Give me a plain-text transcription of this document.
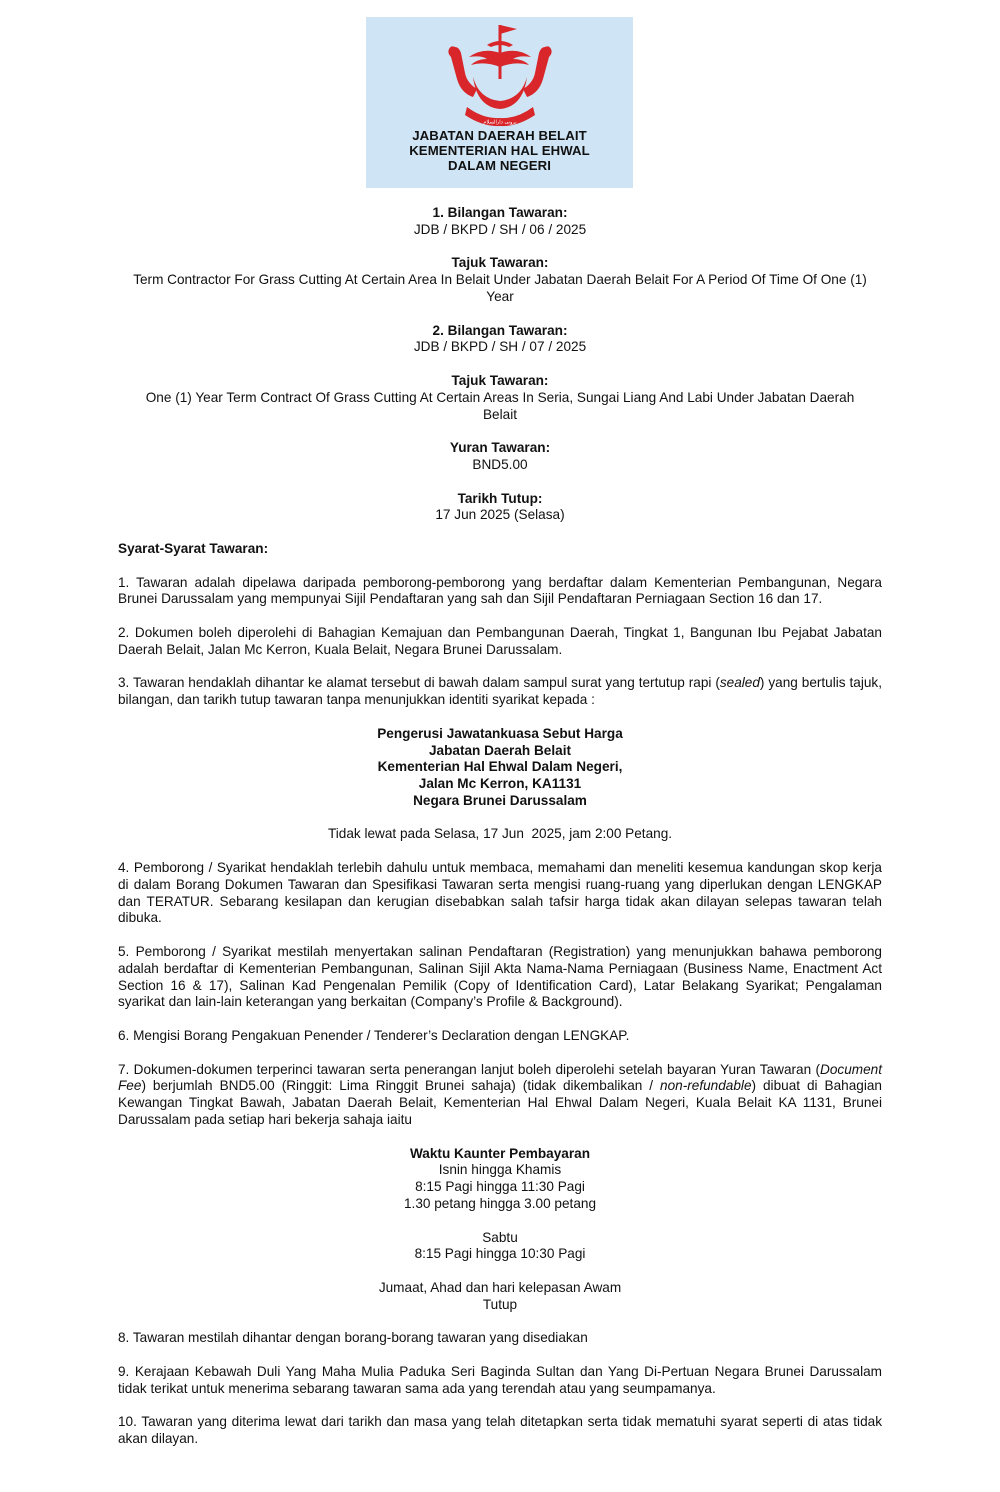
برونى دارالسلام
JABATAN DAERAH BELAIT
KEMENTERIAN HAL EHWAL
DALAM NEGERI
1. Bilangan Tawaran:
JDB / BKPD / SH / 06 / 2025
Tajuk Tawaran:
Term Contractor For Grass Cutting At Certain Area In Belait Under Jabatan Daerah Belait For A Period Of Time Of One (1) Year
2. Bilangan Tawaran:
JDB / BKPD / SH / 07 / 2025
Tajuk Tawaran:
One (1) Year Term Contract Of Grass Cutting At Certain Areas In Seria, Sungai Liang And Labi Under Jabatan Daerah Belait
Yuran Tawaran:
BND5.00
Tarikh Tutup:
17 Jun 2025 (Selasa)
Syarat-Syarat Tawaran:
1. Tawaran adalah dipelawa daripada pemborong-pemborong yang berdaftar dalam Kementerian Pembangunan, Negara Brunei Darussalam yang mempunyai Sijil Pendaftaran yang sah dan Sijil Pendaftaran Perniagaan Section 16 dan 17.
2. Dokumen boleh diperolehi di Bahagian Kemajuan dan Pembangunan Daerah, Tingkat 1, Bangunan Ibu Pejabat Jabatan Daerah Belait, Jalan Mc Kerron, Kuala Belait, Negara Brunei Darussalam.
3. Tawaran hendaklah dihantar ke alamat tersebut di bawah dalam sampul surat yang tertutup rapi (sealed) yang bertulis tajuk, bilangan, dan tarikh tutup tawaran tanpa menunjukkan identiti syarikat kepada :
Pengerusi Jawatankuasa Sebut Harga
Jabatan Daerah Belait
Kementerian Hal Ehwal Dalam Negeri,
Jalan Mc Kerron, KA1131
Negara Brunei Darussalam
Tidak lewat pada Selasa, 17 Jun  2025, jam 2:00 Petang.
4. Pemborong / Syarikat hendaklah terlebih dahulu untuk membaca, memahami dan meneliti kesemua kandungan skop kerja di dalam Borang Dokumen Tawaran dan Spesifikasi Tawaran serta mengisi ruang-ruang yang diperlukan dengan LENGKAP dan TERATUR. Sebarang kesilapan dan kerugian disebabkan salah tafsir harga tidak akan dilayan selepas tawaran telah dibuka.
5. Pemborong / Syarikat mestilah menyertakan salinan Pendaftaran (Registration) yang menunjukkan bahawa pemborong adalah berdaftar di Kementerian Pembangunan, Salinan Sijil Akta Nama-Nama Perniagaan (Business Name, Enactment Act Section 16 & 17), Salinan Kad Pengenalan Pemilik (Copy of Identification Card), Latar Belakang Syarikat; Pengalaman syarikat dan lain-lain keterangan yang berkaitan (Company’s Profile & Background).
6. Mengisi Borang Pengakuan Penender / Tenderer’s Declaration dengan LENGKAP.
7. Dokumen-dokumen terperinci tawaran serta penerangan lanjut boleh diperolehi setelah bayaran Yuran Tawaran (Document Fee) berjumlah BND5.00 (Ringgit: Lima Ringgit Brunei sahaja) (tidak dikembalikan / non-refundable) dibuat di Bahagian Kewangan Tingkat Bawah, Jabatan Daerah Belait, Kementerian Hal Ehwal Dalam Negeri, Kuala Belait KA 1131, Brunei Darussalam pada setiap hari bekerja sahaja iaitu
Waktu Kaunter Pembayaran
Isnin hingga Khamis
8:15 Pagi hingga 11:30 Pagi
1.30 petang hingga 3.00 petang
Sabtu
8:15 Pagi hingga 10:30 Pagi
Jumaat, Ahad dan hari kelepasan Awam
Tutup
8. Tawaran mestilah dihantar dengan borang-borang tawaran yang disediakan
9. Kerajaan Kebawah Duli Yang Maha Mulia Paduka Seri Baginda Sultan dan Yang Di-Pertuan Negara Brunei Darussalam tidak terikat untuk menerima sebarang tawaran sama ada yang terendah atau yang seumpamanya.
10. Tawaran yang diterima lewat dari tarikh dan masa yang telah ditetapkan serta tidak mematuhi syarat seperti di atas tidak akan dilayan.
